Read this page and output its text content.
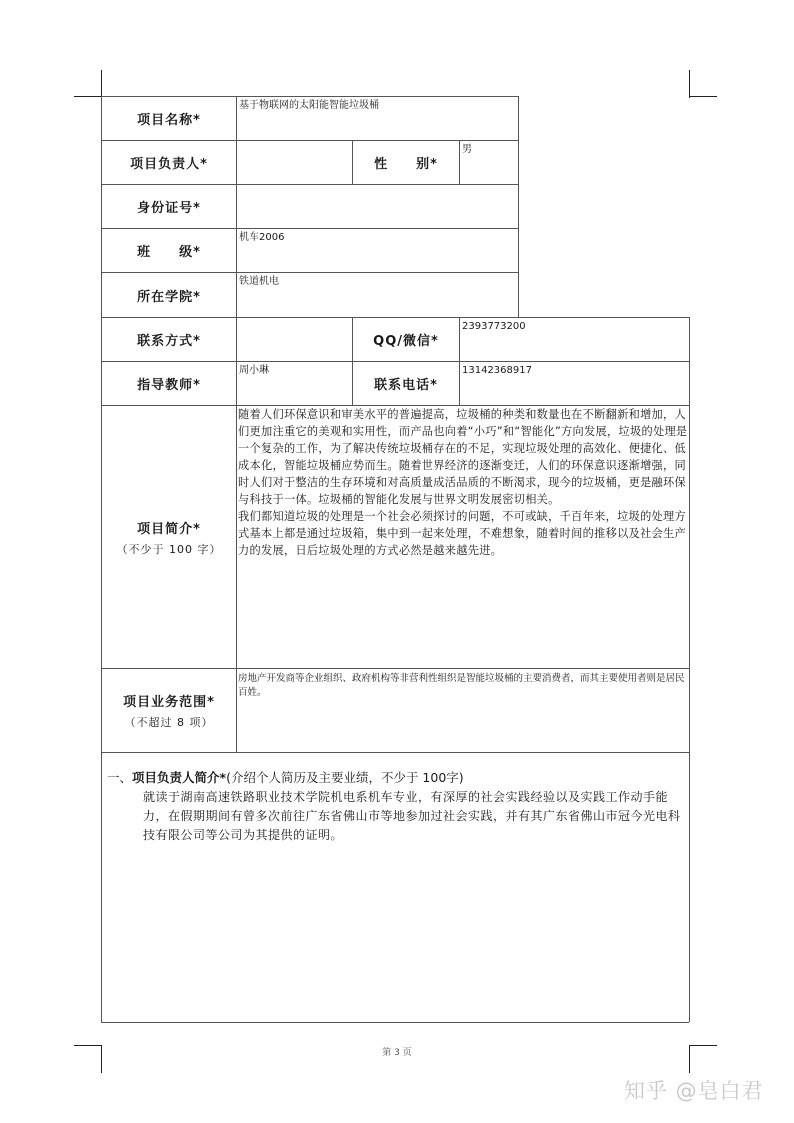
项目名称*
基于物联网的太阳能智能垃圾桶
项目负责人*	性　　别*
男
身份证号*
班　　级*
机车2006
所在学院*
铁道机电
联系方式*	QQ/微信*
2393773200
指导教师*
周小琳
联系电话*
13142368917
项目简介*
（不少于 100 字）

随着人们环保意识和审美水平的普遍提高，垃圾桶的种类和数量也在不断翻新和增加，人们更加注重它的美观和实用性，而产品也向着“小巧”和“智能化”方向发展，垃圾的处理是一个复杂的工作，为了解决传统垃圾桶存在的不足，实现垃圾处理的高效化、便捷化、低成本化，智能垃圾桶应势而生。随着世界经济的逐渐变迁，人们的环保意识逐渐增强，同时人们对于整洁的生存环境和对高质量成活品质的不断渴求，现今的垃圾桶，更是融环保与科技于一体。垃圾桶的智能化发展与世界文明发展密切相关。

我们都知道垃圾的处理是一个社会必须探讨的问题，不可或缺，千百年来，垃圾的处理方式基本上都是通过垃圾箱，集中到一起来处理，不难想象，随着时间的推移以及社会生产力的发展，日后垃圾处理的方式必然是越来越先进。

项目业务范围*
（不超过 8 项）
房地产开发商等企业组织、政府机构等非营利性组织是智能垃圾桶的主要消费者，而其主要使用者则是居民百姓。
一、项目负责人简介*(介绍个人简历及主要业绩，不少于 100字)
就读于湖南高速铁路职业技术学院机电系机车专业，有深厚的社会实践经验以及实践工作动手能力，在假期期间有曾多次前往广东省佛山市等地参加过社会实践，并有其广东省佛山市冠今光电科技有限公司等公司为其提供的证明。
第 3 页
知乎 @皂白君
